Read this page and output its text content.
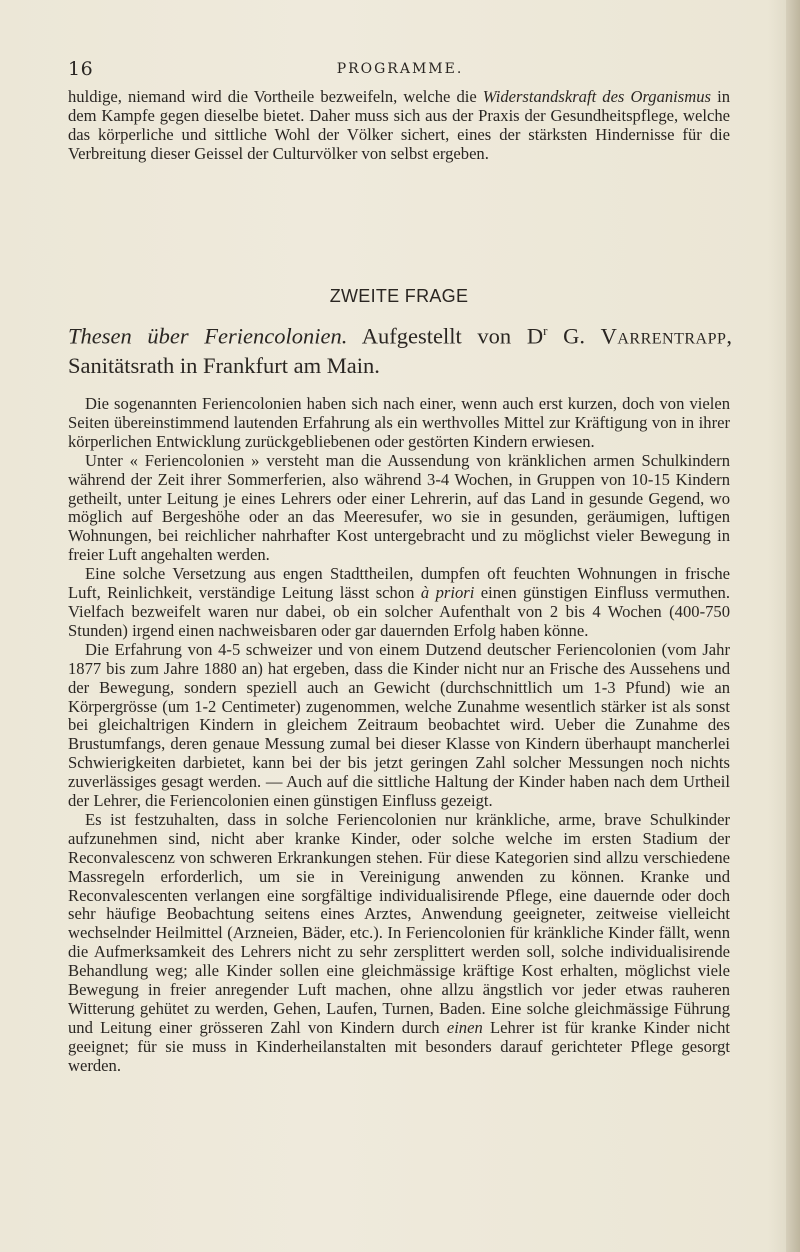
16	PROGRAMME.

huldige, niemand wird die Vortheile bezweifeln, welche die Widerstandskraft des Organismus in dem Kampfe gegen dieselbe bietet. Daher muss sich aus der Praxis der Gesundheitspflege, welche das körperliche und sittliche Wohl der Völker sichert, eines der stärksten Hindernisse für die Verbreitung dieser Geissel der Culturvölker von selbst ergeben.

ZWEITE FRAGE
Thesen über Feriencolonien. Aufgestellt von $D^r$ G. Varrentrapp, Sanitätsrath in Frankfurt am Main.

Die sogenannten Feriencolonien haben sich nach einer, wenn auch erst kurzen, doch von vielen Seiten übereinstimmend lautenden Erfahrung als ein werthvolles Mittel zur Kräftigung von in ihrer körperlichen Entwicklung zurückgebliebenen oder gestörten Kindern erwiesen.

Unter « Feriencolonien » versteht man die Aussendung von kränklichen armen Schulkindern während der Zeit ihrer Sommerferien, also während 3-4 Wochen, in Gruppen von 10-15 Kindern getheilt, unter Leitung je eines Lehrers oder einer Lehrerin, auf das Land in gesunde Gegend, wo möglich auf Bergeshöhe oder an das Meeresufer, wo sie in gesunden, geräumigen, luftigen Wohnungen, bei reichlicher nahrhafter Kost untergebracht und zu möglichst vieler Bewegung in freier Luft angehalten werden.

Eine solche Versetzung aus engen Stadttheilen, dumpfen oft feuchten Wohnungen in frische Luft, Reinlichkeit, verständige Leitung lässt schon à priori einen günstigen Einfluss vermuthen. Vielfach bezweifelt waren nur dabei, ob ein solcher Aufenthalt von 2 bis 4 Wochen (400-750 Stunden) irgend einen nachweisbaren oder gar dauernden Erfolg haben könne.

Die Erfahrung von 4-5 schweizer und von einem Dutzend deutscher Feriencolonien (vom Jahr 1877 bis zum Jahre 1880 an) hat ergeben, dass die Kinder nicht nur an Frische des Aussehens und der Bewegung, sondern speziell auch an Gewicht (durchschnittlich um 1-3 Pfund) wie an Körpergrösse (um 1-2 Centimeter) zugenommen, welche Zunahme wesentlich stärker ist als sonst bei gleichaltrigen Kindern in gleichem Zeitraum beobachtet wird. Ueber die Zunahme des Brustumfangs, deren genaue Messung zumal bei dieser Klasse von Kindern überhaupt mancherlei Schwierigkeiten darbietet, kann bei der bis jetzt geringen Zahl solcher Messungen noch nichts zuverlässiges gesagt werden. — Auch auf die sittliche Haltung der Kinder haben nach dem Urtheil der Lehrer, die Feriencolonien einen günstigen Einfluss gezeigt.

Es ist festzuhalten, dass in solche Feriencolonien nur kränkliche, arme, brave Schulkinder aufzunehmen sind, nicht aber kranke Kinder, oder solche welche im ersten Stadium der Reconvalescenz von schweren Erkrankungen stehen. Für diese Kategorien sind allzu verschiedene Massregeln erforderlich, um sie in Vereinigung anwenden zu können. Kranke und Reconvalescenten verlangen eine sorgfältige individualisirende Pflege, eine dauernde oder doch sehr häufige Beobachtung seitens eines Arztes, Anwendung geeigneter, zeitweise vielleicht wechselnder Heilmittel (Arzneien, Bäder, etc.). In Feriencolonien für kränkliche Kinder fällt, wenn die Aufmerksamkeit des Lehrers nicht zu sehr zersplittert werden soll, solche individualisirende Behandlung weg; alle Kinder sollen eine gleichmässige kräftige Kost erhalten, möglichst viele Bewegung in freier anregender Luft machen, ohne allzu ängstlich vor jeder etwas rauheren Witterung gehütet zu werden, Gehen, Laufen, Turnen, Baden. Eine solche gleichmässige Führung und Leitung einer grösseren Zahl von Kindern durch einen Lehrer ist für kranke Kinder nicht geeignet; für sie muss in Kinderheilanstalten mit besonders darauf gerichteter Pflege gesorgt werden.
